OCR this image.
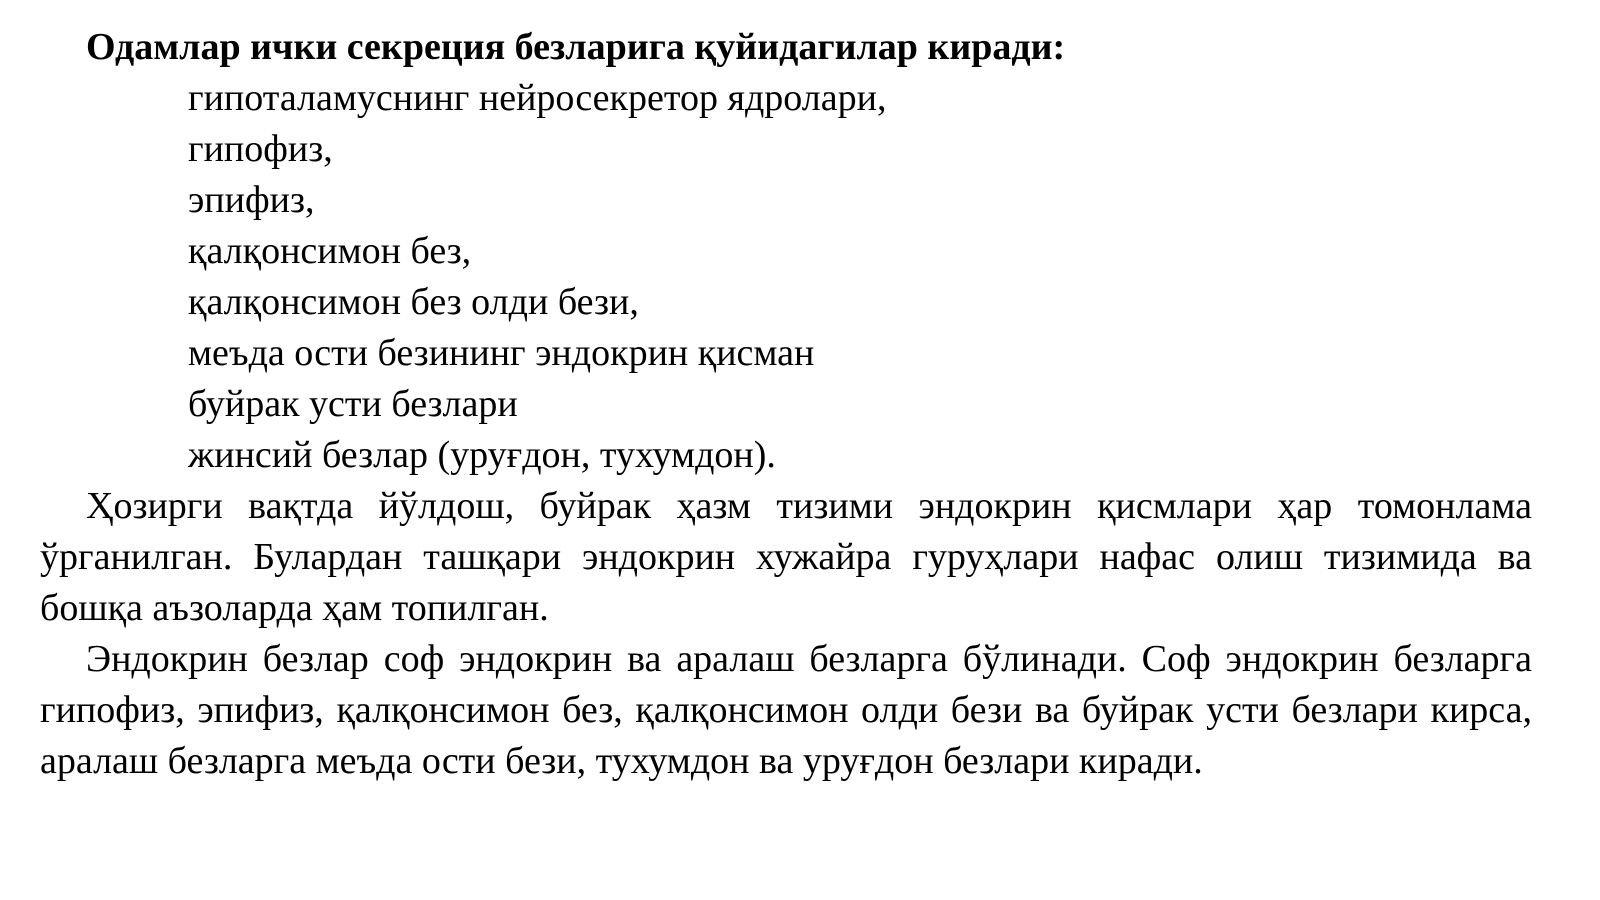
Одамлар ички секреция безларига қуйидагилар киради:

гипоталамуснинг нейросекретор ядролари,
гипофиз,
эпифиз,
қалқонсимон без,
қалқонсимон без олди бези,
меъда ости безининг эндокрин қисман
буйрак усти безлари
жинсий безлар (уруғдон, тухумдон).

Ҳозирги вақтда йўлдош, буйрак ҳазм тизими эндокрин қисмлари ҳар томонлама ўрганилган. Булардан ташқари эндокрин хужайра гуруҳлари нафас олиш тизимида ва бошқа аъзоларда ҳам топилган.

Эндокрин безлар соф эндокрин ва аралаш безларга бўлинади. Соф эндокрин безларга гипофиз, эпифиз, қалқонсимон без, қалқонсимон олди бези ва буйрак усти безлари кирса, аралаш безларга меъда ости бези, тухумдон ва уруғдон безлари киради.
